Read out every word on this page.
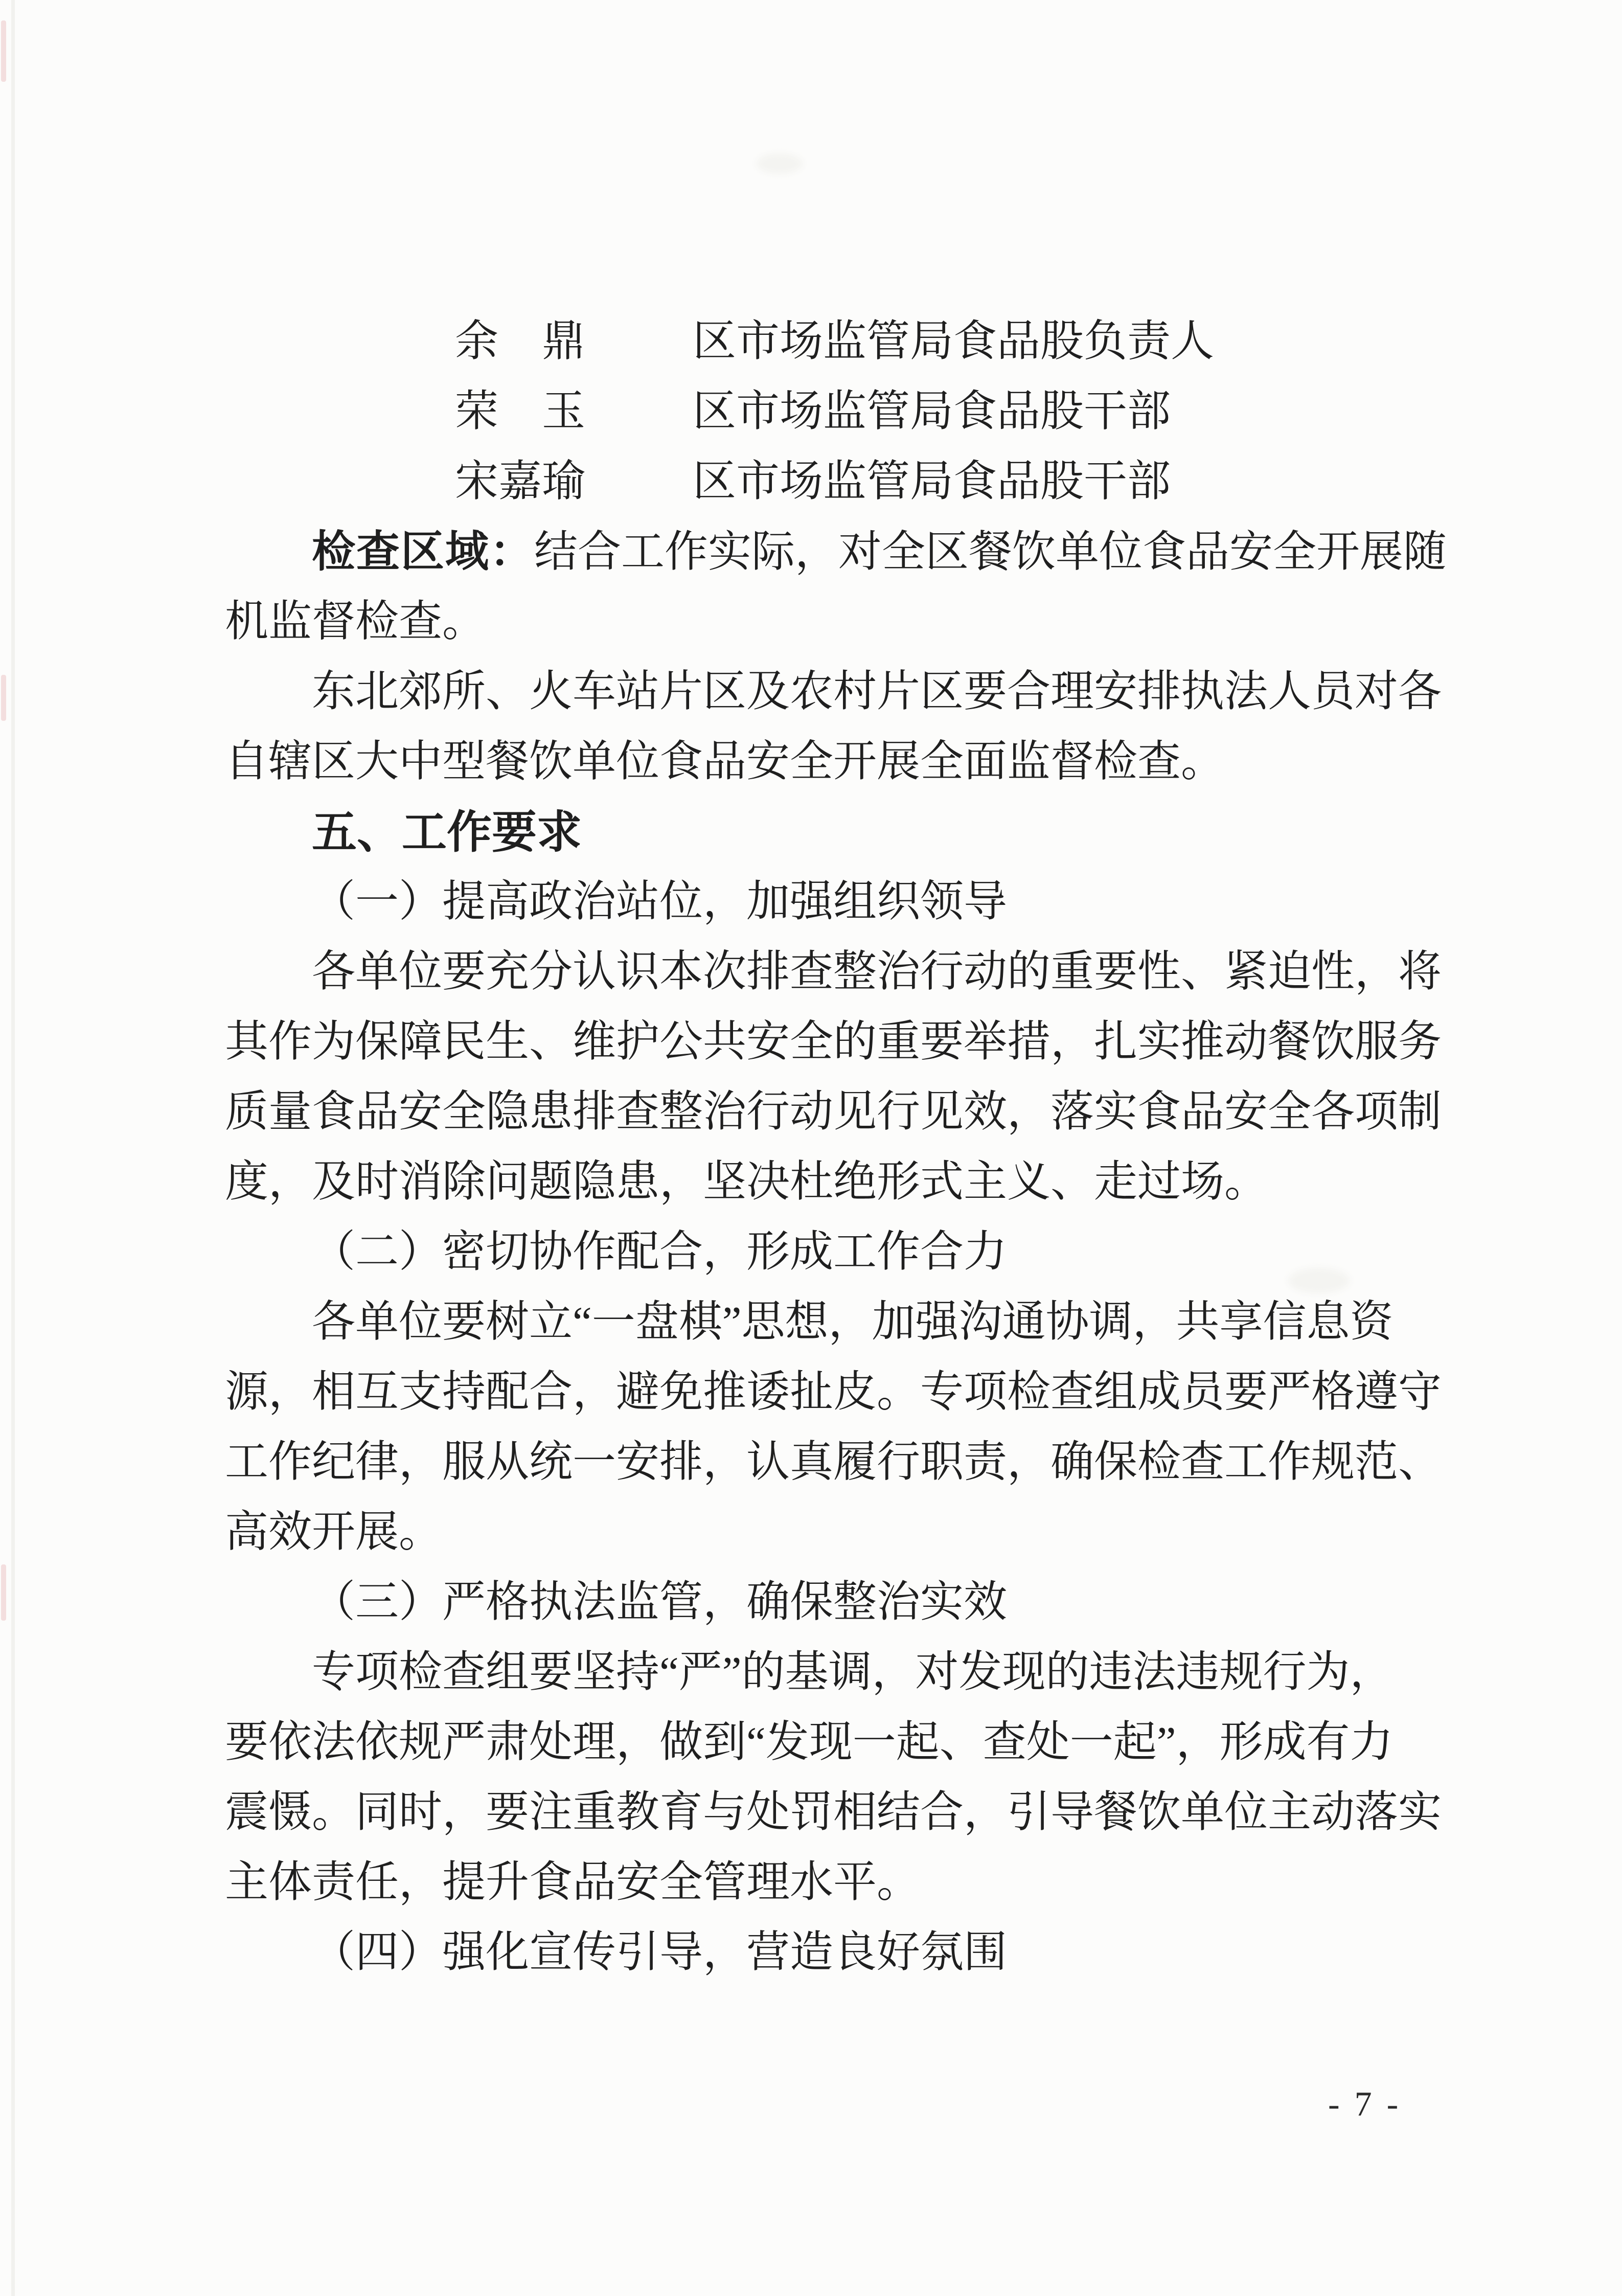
余　鼎 区市场监管局食品股负责人
荣　玉 区市场监管局食品股干部
宋嘉瑜 区市场监管局食品股干部
检查区域：结合工作实际，对全区餐饮单位食品安全开展随
机监督检查。
东北郊所、火车站片区及农村片区要合理安排执法人员对各
自辖区大中型餐饮单位食品安全开展全面监督检查。
五、工作要求
（一）提高政治站位，加强组织领导
各单位要充分认识本次排查整治行动的重要性、紧迫性，将
其作为保障民生、维护公共安全的重要举措，扎实推动餐饮服务
质量食品安全隐患排查整治行动见行见效，落实食品安全各项制
度，及时消除问题隐患，坚决杜绝形式主义、走过场。
（二）密切协作配合，形成工作合力
各单位要树立“一盘棋”思想，加强沟通协调，共享信息资
源，相互支持配合，避免推诿扯皮。专项检查组成员要严格遵守
工作纪律，服从统一安排，认真履行职责，确保检查工作规范、
高效开展。
（三）严格执法监管，确保整治实效
专项检查组要坚持“严”的基调，对发现的违法违规行为，
要依法依规严肃处理，做到“发现一起、查处一起”，形成有力
震慑。同时，要注重教育与处罚相结合，引导餐饮单位主动落实
主体责任，提升食品安全管理水平。
（四）强化宣传引导，营造良好氛围
- 7 -
